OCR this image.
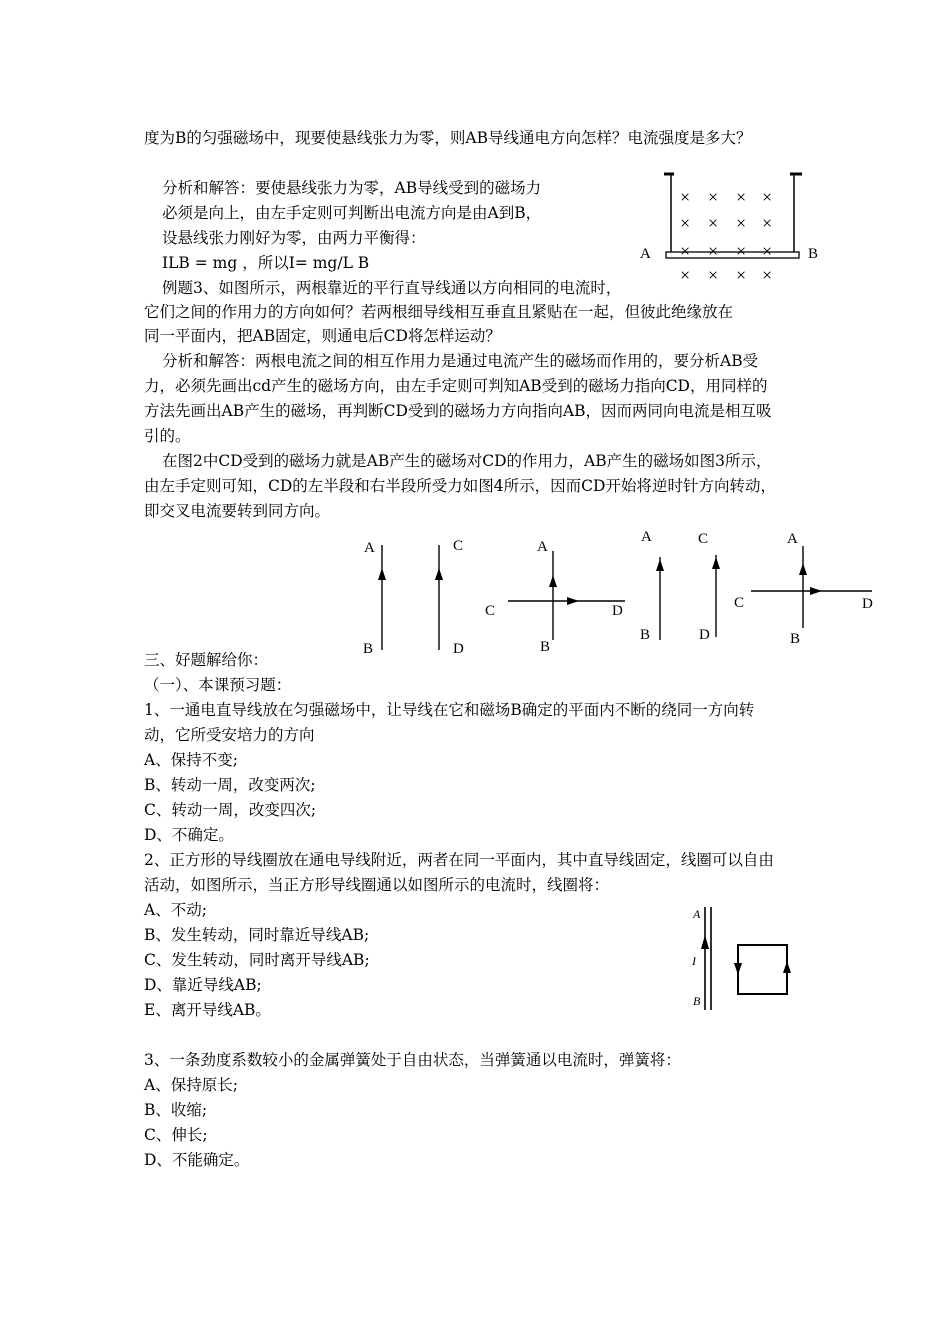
度为B的匀强磁场中，现要使悬线张力为零，则AB导线通电方向怎样？电流强度是多大？
分析和解答：要使悬线张力为零，AB导线受到的磁场力
必须是向上，由左手定则可判断出电流方向是由A到B，
设悬线张力刚好为零，由两力平衡得：
ILB = mg ，所以I= mg/L B	A	B
× × × ×
× × × ×
× × × ×
× × × ×
例题3、如图所示，两根靠近的平行直导线通以方向相同的电流时，
它们之间的作用力的方向如何？若两根细导线相互垂直且紧贴在一起，但彼此绝缘放在
同一平面内，把AB固定，则通电后CD将怎样运动？
分析和解答：两根电流之间的相互作用力是通过电流产生的磁场而作用的，要分析AB受
力，必须先画出cd产生的磁场方向，由左手定则可判知AB受到的磁场力指向CD，用同样的
方法先画出AB产生的磁场，再判断CD受到的磁场力方向指向AB，因而两同向电流是相互吸
引的。
在图2中CD受到的磁场力就是AB产生的磁场对CD的作用力，AB产生的磁场如图3所示，
由左手定则可知，CD的左半段和右半段所受力如图4所示，因而CD开始将逆时针方向转动，
即交叉电流要转到同方向。
A	C
B	D
A
C	D
B
A	C
B	D
A
C	D
B
三、好题解给你：
（一）、本课预习题：
1、一通电直导线放在匀强磁场中，让导线在它和磁场B确定的平面内不断的绕同一方向转
动，它所受安培力的方向
A、保持不变;
B、转动一周，改变两次;
C、转动一周，改变四次;
D、不确定。
2、正方形的导线圈放在通电导线附近，两者在同一平面内，其中直导线固定，线圈可以自由
活动，如图所示，当正方形导线圈通以如图所示的电流时，线圈将：
A、不动;
B、发生转动，同时靠近导线AB;
C、发生转动，同时离开导线AB;
D、靠近导线AB;
E、离开导线AB。
A
I
B
3、一条劲度系数较小的金属弹簧处于自由状态，当弹簧通以电流时，弹簧将：
A、保持原长;
B、收缩;
C、伸长;
D、不能确定。
